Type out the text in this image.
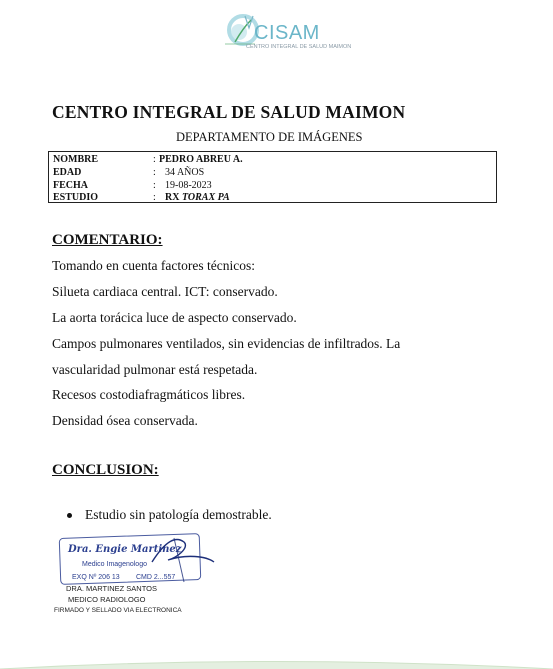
CISAM
CENTRO INTEGRAL DE SALUD MAIMON
CENTRO INTEGRAL DE SALUD MAIMON
DEPARTAMENTO DE IMÁGENES
NOMBRE	: PEDRO ABREU A.
EDAD	: 34 AÑOS
FECHA	: 19-08-2023
ESTUDIO	: RX TORAX PA
COMENTARIO:
Tomando en cuenta factores técnicos:
Silueta cardiaca central. ICT: conservado.
La aorta torácica luce de aspecto conservado.
Campos pulmonares ventilados, sin evidencias de infiltrados. La
vascularidad pulmonar está respetada.
Recesos costodiafragmáticos libres.
Densidad ósea conservada.
CONCLUSION:
Estudio sin patología demostrable.
Dra. Engie Martinez
Medico Imagenologo
EXQ Nº 206 13 CMD 2...557
DRA. MARTINEZ SANTOS
MEDICO RADIOLOGO
FIRMADO Y SELLADO VIA ELECTRONICA
